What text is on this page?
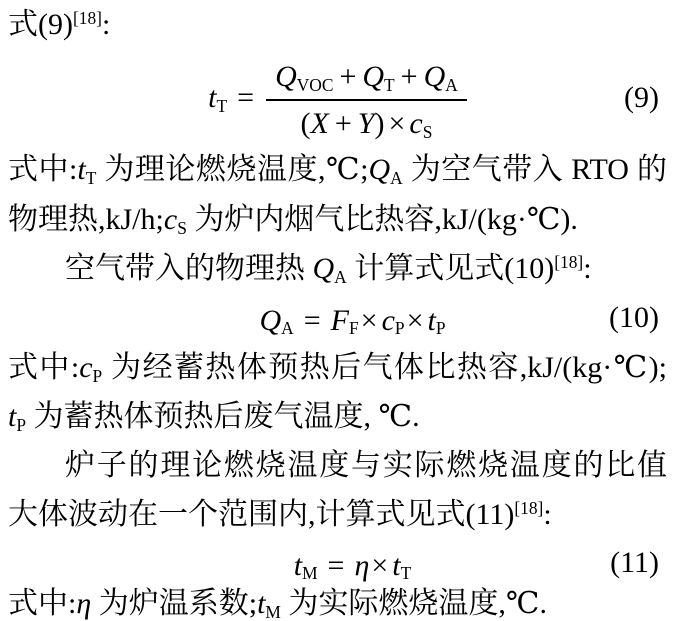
式(9)[18]:
tT = $\frac{\text{QVOC + QT + QA}}{(X + Y) \times cS}$	(9)
式中:tT 为理论燃烧温度,℃;QA 为空气带入 RTO 的
物理热,kJ/h;cS 为炉内烟气比热容,kJ/(kg·℃).
空气带入的物理热 QA 计算式见式(10)[18]:
QA = FF× cP× tP	(10)
式中:cP 为经蓄热体预热后气体比热容,kJ/(kg·℃);
tP 为蓄热体预热后废气温度, ℃.
炉子的理论燃烧温度与实际燃烧温度的比值
大体波动在一个范围内,计算式见式(11)[18]:
tM = η× tT	(11)
式中:η 为炉温系数;tM 为实际燃烧温度,℃.
